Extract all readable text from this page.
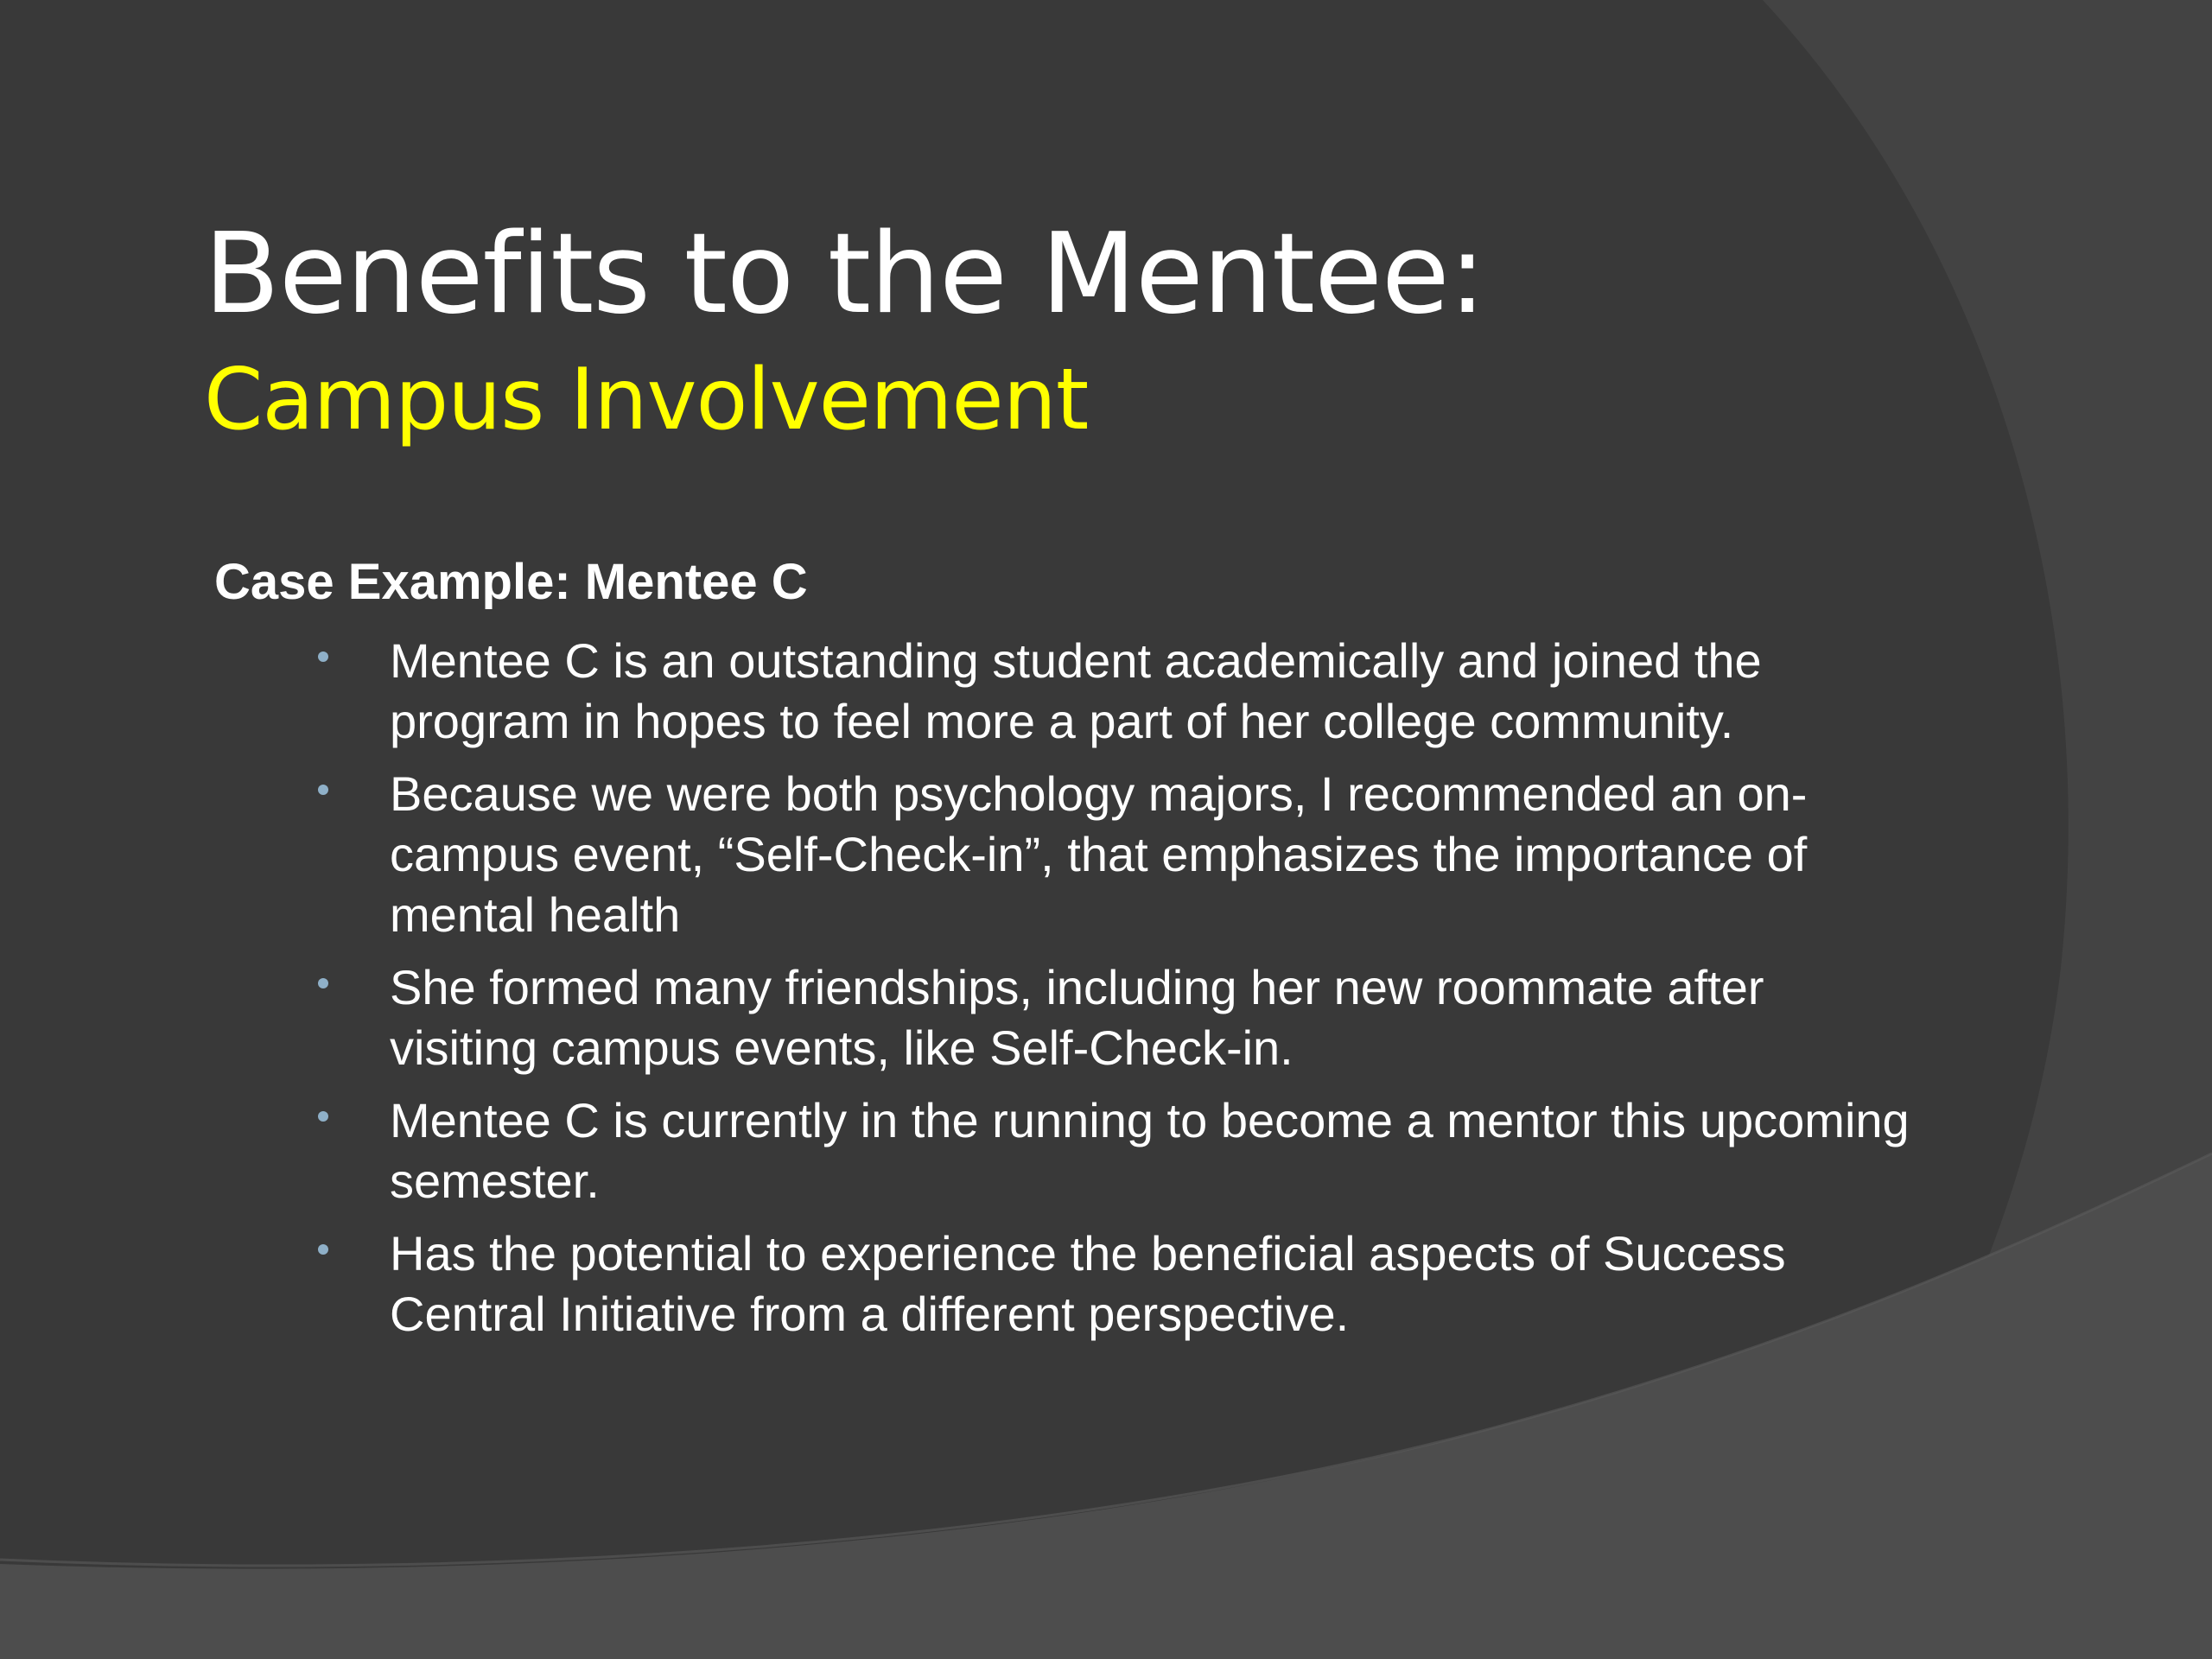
Benefits to the Mentee:
Campus Involvement

Case Example: Mentee C

Mentee C is an outstanding student academically and joined the program in hopes to feel more a part of her college community.
Because we were both psychology majors, I recommended an on-campus event, “Self-Check-in”, that emphasizes the importance of mental health
She formed many friendships, including her new roommate after visiting campus events, like Self-Check-in.
Mentee C is currently in the running to become a mentor this upcoming semester.
Has the potential to experience the beneficial aspects of Success Central Initiative from a different perspective.
